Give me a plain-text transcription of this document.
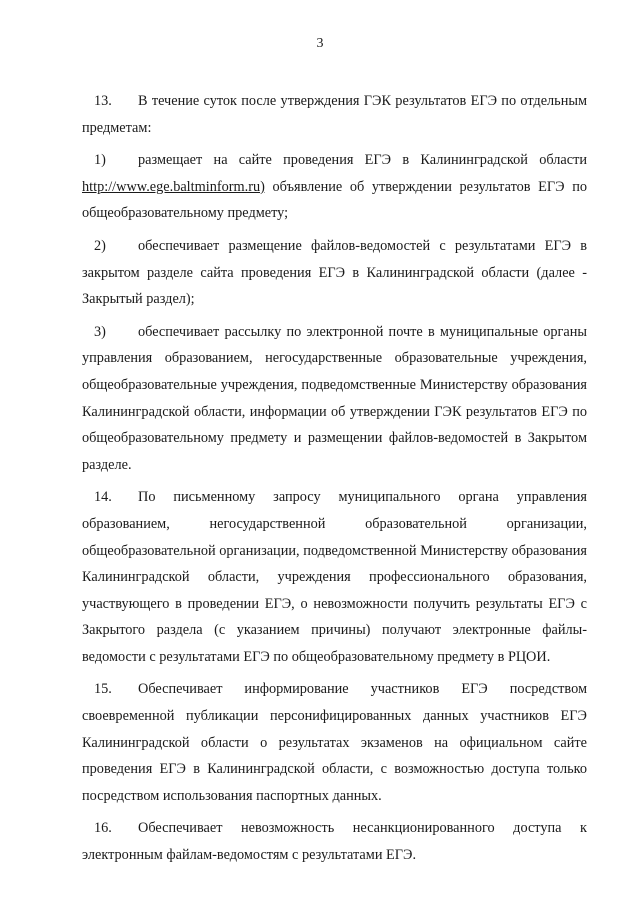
3

13. В течение суток после утверждения ГЭК результатов ЕГЭ по отдельным предметам:

1) размещает на сайте проведения ЕГЭ в Калининградской области http://www.ege.baltminform.ru) объявление об утверждении результатов ЕГЭ по общеобразовательному предмету;

2) обеспечивает размещение файлов-ведомостей с результатами ЕГЭ в закрытом разделе сайта проведения ЕГЭ в Калининградской области (далее - Закрытый раздел);

3) обеспечивает рассылку по электронной почте в муниципальные органы управления образованием, негосударственные образовательные учреждения, общеобразовательные учреждения, подведомственные Министерству образования Калининградской области, информации об утверждении ГЭК результатов ЕГЭ по общеобразовательному предмету и размещении файлов-ведомостей в Закрытом разделе.

14. По письменному запросу муниципального органа управления образованием, негосударственной образовательной организации, общеобразовательной организации, подведомственной Министерству образования Калининградской области, учреждения профессионального образования, участвующего в проведении ЕГЭ, о невозможности получить результаты ЕГЭ с Закрытого раздела (с указанием причины) получают электронные файлы-ведомости с результатами ЕГЭ по общеобразовательному предмету в РЦОИ.

15. Обеспечивает информирование участников ЕГЭ посредством своевременной публикации персонифицированных данных участников ЕГЭ Калининградской области о результатах экзаменов на официальном сайте проведения ЕГЭ в Калининградской области, с возможностью доступа только посредством использования паспортных данных.

16. Обеспечивает невозможность несанкционированного доступа к электронным файлам-ведомостям с результатами ЕГЭ.
